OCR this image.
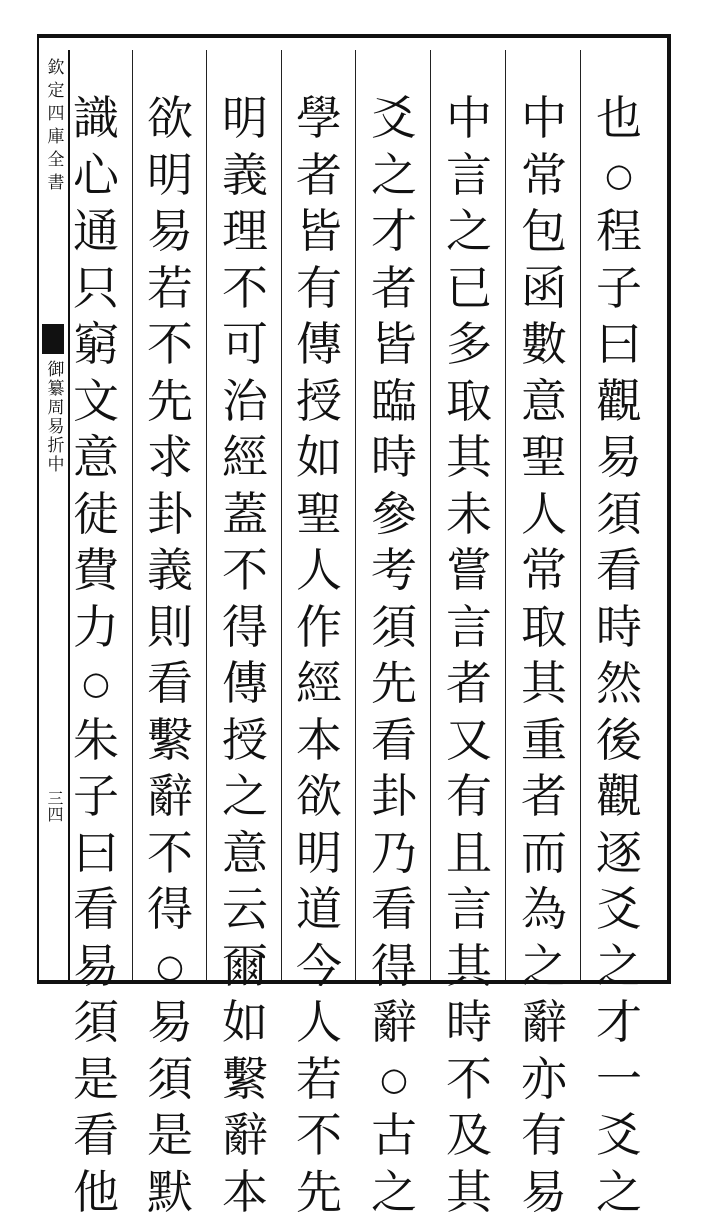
欽定四庫全書
御纂周易折中
三四
也
○
程
子
曰
觀
易
須
看
時
然
後
觀
逐
爻
之
才
一
爻
之
中
常
包
函
數
意
聖
人
常
取
其
重
者
而
為
之
辭
亦
有
易
中
言
之
已
多
取
其
未
嘗
言
者
又
有
且
言
其
時
不
及
其
爻
之
才
者
皆
臨
時
參
考
須
先
看
卦
乃
看
得
辭
○
古
之
學
者
皆
有
傳
授
如
聖
人
作
經
本
欲
明
道
今
人
若
不
先
明
義
理
不
可
治
經
蓋
不
得
傳
授
之
意
云
爾
如
繫
辭
本
欲
明
易
若
不
先
求
卦
義
則
看
繫
辭
不
得
○
易
須
是
默
識
心
通
只
窮
文
意
徒
費
力
○
朱
子
曰
看
易
須
是
看
他
